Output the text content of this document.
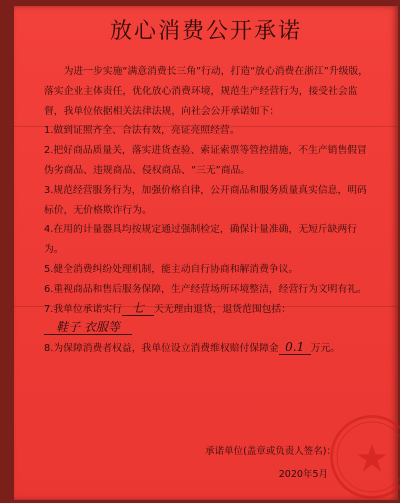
放心消费公开承诺

为进一步实施“满意消费长三角”行动，打造“放心消费在浙江”升级版，落实企业主体责任，优化放心消费环境，规范生产经营行为，接受社会监督，我单位依据相关法律法规，向社会公开承诺如下：

1.做到证照齐全、合法有效，亮证亮照经营。

2.把好商品质量关，落实进货查验、索证索票等管控措施，不生产销售假冒伪劣商品、违规商品、侵权商品、“三无”商品。

3.规范经营服务行为，加强价格自律，公开商品和服务质量真实信息，明码标价，无价格欺诈行为。

4.在用的计量器具均按规定通过强制检定，确保计量准确，无短斤缺两行为。

5.健全消费纠纷处理机制，能主动自行协商和解消费争议。

6.重视商品和售后服务保障，生产经营场所环境整洁，经营行为文明有礼。

7.我单位承诺实行 七 天无理由退货，退货范围包括：鞋子 衣服等

8.为保障消费者权益，我单位设立消费维权赔付保障金 0.1 万元。

承诺单位(盖章或负责人签名)：
2020年5月
